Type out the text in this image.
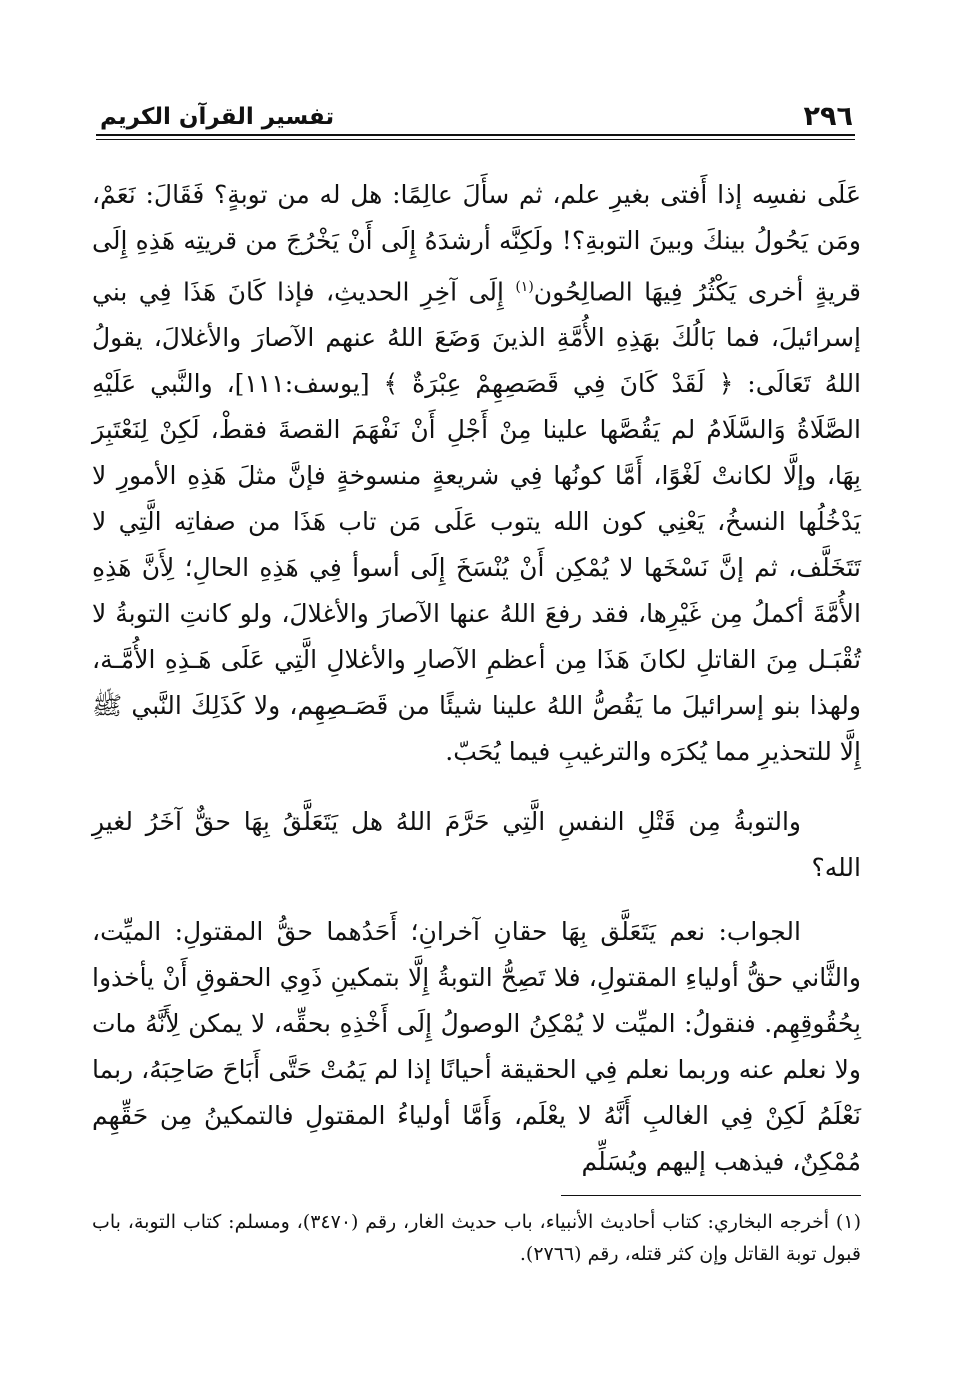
٢٩٦
تفسير القرآن الكريم

عَلَى نفسِه إذا أَفتى بغيرِ علم، ثم سأَلَ عالِمًا: هل له من توبةٍ؟ فَقَالَ: نَعَمْ، ومَن يَحُولُ بينكَ وبينَ التوبةِ؟! ولَكِنَّه أرشدَهُ إِلَى أَنْ يَخْرُجَ من قريتِه هَذِهِ إِلَى قريةٍ أخرى يَكْثُرُ فِيهَا الصالِحُون$^{(١)}$ إِلَى آخِرِ الحديثِ، فإذا كَانَ هَذَا فِي بني إسرائيلَ، فما بَالُكَ بهَذِهِ الأُمَّةِ الذينَ وَضَعَ اللهُ عنهم الآصارَ والأغلالَ، يقولُ اللهُ تَعَالَى: ﴿ لَقَدْ كَانَ فِي قَصَصِهِمْ عِبْرَةٌ ﴾ [يوسف:١١١]، والنَّبي عَلَيْهِ الصَّلَاةُ وَالسَّلَامُ لم يَقُصَّها علينا مِنْ أَجْلِ أَنْ نَفْهَمَ القصةَ فقطْ، لَكِنْ لِنَعْتَبِرَ بِهَا، وإلَّا لكانتْ لَغْوًا، أَمَّا كونُها فِي شريعةٍ منسوخةٍ فإنَّ مثلَ هَذِهِ الأمورِ لا يَدْخُلُها النسخُ، يَعْنِي كون الله يتوب عَلَى مَن تاب هَذَا من صفاتِه الَّتِي لا تَتَخَلَّف، ثم إنَّ نَسْخَها لا يُمْكِن أَنْ يُنْسَخَ إِلَى أسوأ فِي هَذِهِ الحالِ؛ لِأَنَّ هَذِهِ الأُمَّةَ أكملُ مِن غَيْرِها، فقد رفعَ اللهُ عنها الآصارَ والأغلالَ، ولو كانتِ التوبةُ لا تُقْبَـل مِنَ القاتلِ لكانَ هَذَا مِن أعظمِ الآصارِ والأغلالِ الَّتِي عَلَى هَـذِهِ الأُمَّـة، ولهذا بنو إسرائيلَ ما يَقُصُّ اللهُ علينا شيئًا من قَصَـصِهِم، ولا كَذَلِكَ النَّبي ﷺ إِلَّا للتحذيرِ مما يُكرَه والترغيبِ فيما يُحَبّ.

والتوبةُ مِن قَتْلِ النفسِ الَّتِي حَرَّمَ اللهُ هل يَتَعَلَّقُ بِهَا حقٌّ آخَرُ لغيرِ الله؟

الجواب: نعم يَتَعَلَّق بِهَا حقانِ آخرانِ؛ أَحَدُهما حقُّ المقتولِ: الميِّت، والثَّاني حقُّ أولياءِ المقتولِ، فلا تَصِحُّ التوبةُ إِلَّا بتمكينِ ذَوِي الحقوقِ أَنْ يأخذوا بِحُقُوقِهِم. فنقولُ: الميِّت لا يُمْكِنُ الوصولُ إِلَى أَخْذِهِ بحقِّه، لا يمكن لِأَنَّهُ مات ولا نعلم عنه وربما نعلم فِي الحقيقة أحيانًا إذا لم يَمُتْ حَتَّى أَبَاحَ صَاحِبَهُ، ربما نَعْلَمُ لَكِنْ فِي الغالبِ أَنَّهُ لا يعْلَم، وَأَمَّا أولياءُ المقتولِ فالتمكينُ مِن حَقِّهِم مُمْكِنٌ، فيذهب إليهم ويُسَلِّم

(١) أخرجه البخاري: كتاب أحاديث الأنبياء، باب حديث الغار، رقم (٣٤٧٠)، ومسلم: كتاب التوبة، باب قبول توبة القاتل وإن كثر قتله، رقم (٢٧٦٦).
